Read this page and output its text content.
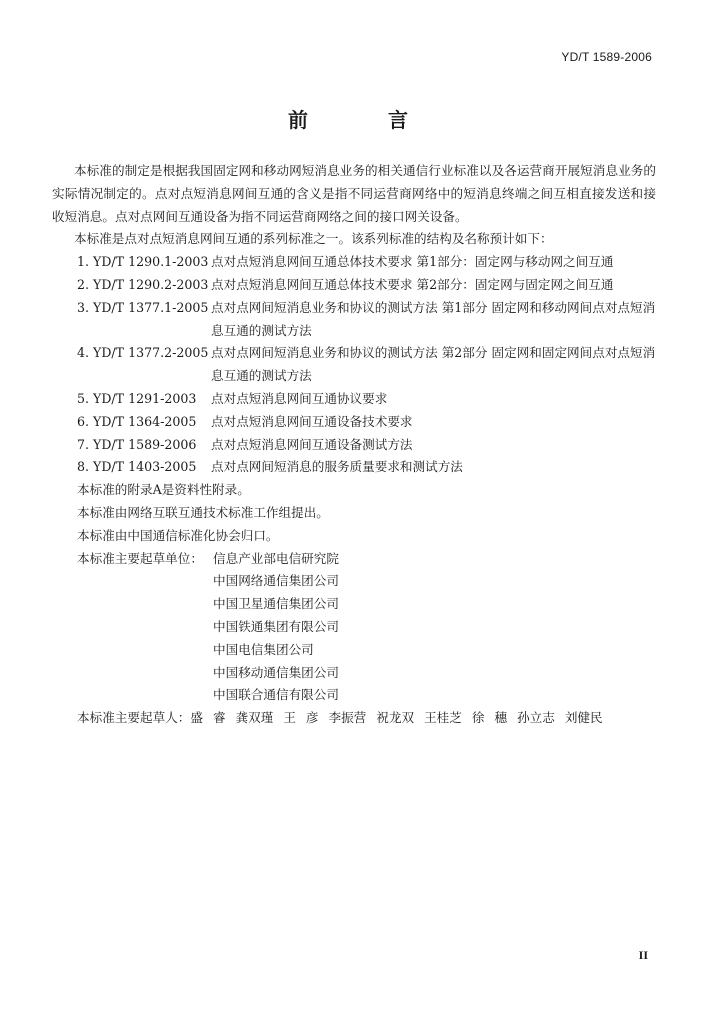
YD/T 1589-2006
前　言

本标准的制定是根据我国固定网和移动网短消息业务的相关通信行业标准以及各运营商开展短消息业务的实际情况制定的。点对点短消息网间互通的含义是指不同运营商网络中的短消息终端之间互相直接发送和接收短消息。点对点网间互通设备为指不同运营商网络之间的接口网关设备。

本标准是点对点短消息网间互通的系列标准之一。该系列标准的结构及名称预计如下：

1. YD/T 1290.1-2003 点对点短消息网间互通总体技术要求 第1部分：固定网与移动网之间互通
2. YD/T 1290.2-2003 点对点短消息网间互通总体技术要求 第2部分：固定网与固定网之间互通
3. YD/T 1377.1-2005 点对点网间短消息业务和协议的测试方法 第1部分 固定网和移动网间点对点短消息互通的测试方法
4. YD/T 1377.2-2005 点对点网间短消息业务和协议的测试方法 第2部分 固定网和固定网间点对点短消息互通的测试方法
5. YD/T 1291-2003 点对点短消息网间互通协议要求
6. YD/T 1364-2005 点对点短消息网间互通设备技术要求
7. YD/T 1589-2006 点对点短消息网间互通设备测试方法
8. YD/T 1403-2005 点对点网间短消息的服务质量要求和测试方法
本标准的附录A是资料性附录。
本标准由网络互联互通技术标准工作组提出。
本标准由中国通信标准化协会归口。
本标准主要起草单位： 信息产业部电信研究院
中国网络通信集团公司
中国卫星通信集团公司
中国铁通集团有限公司
中国电信集团公司
中国移动通信集团公司
中国联合通信有限公司
本标准主要起草人：盛 睿 龚双瑾 王 彦 李振营 祝龙双 王桂芝 徐 穗 孙立志 刘健民
II
